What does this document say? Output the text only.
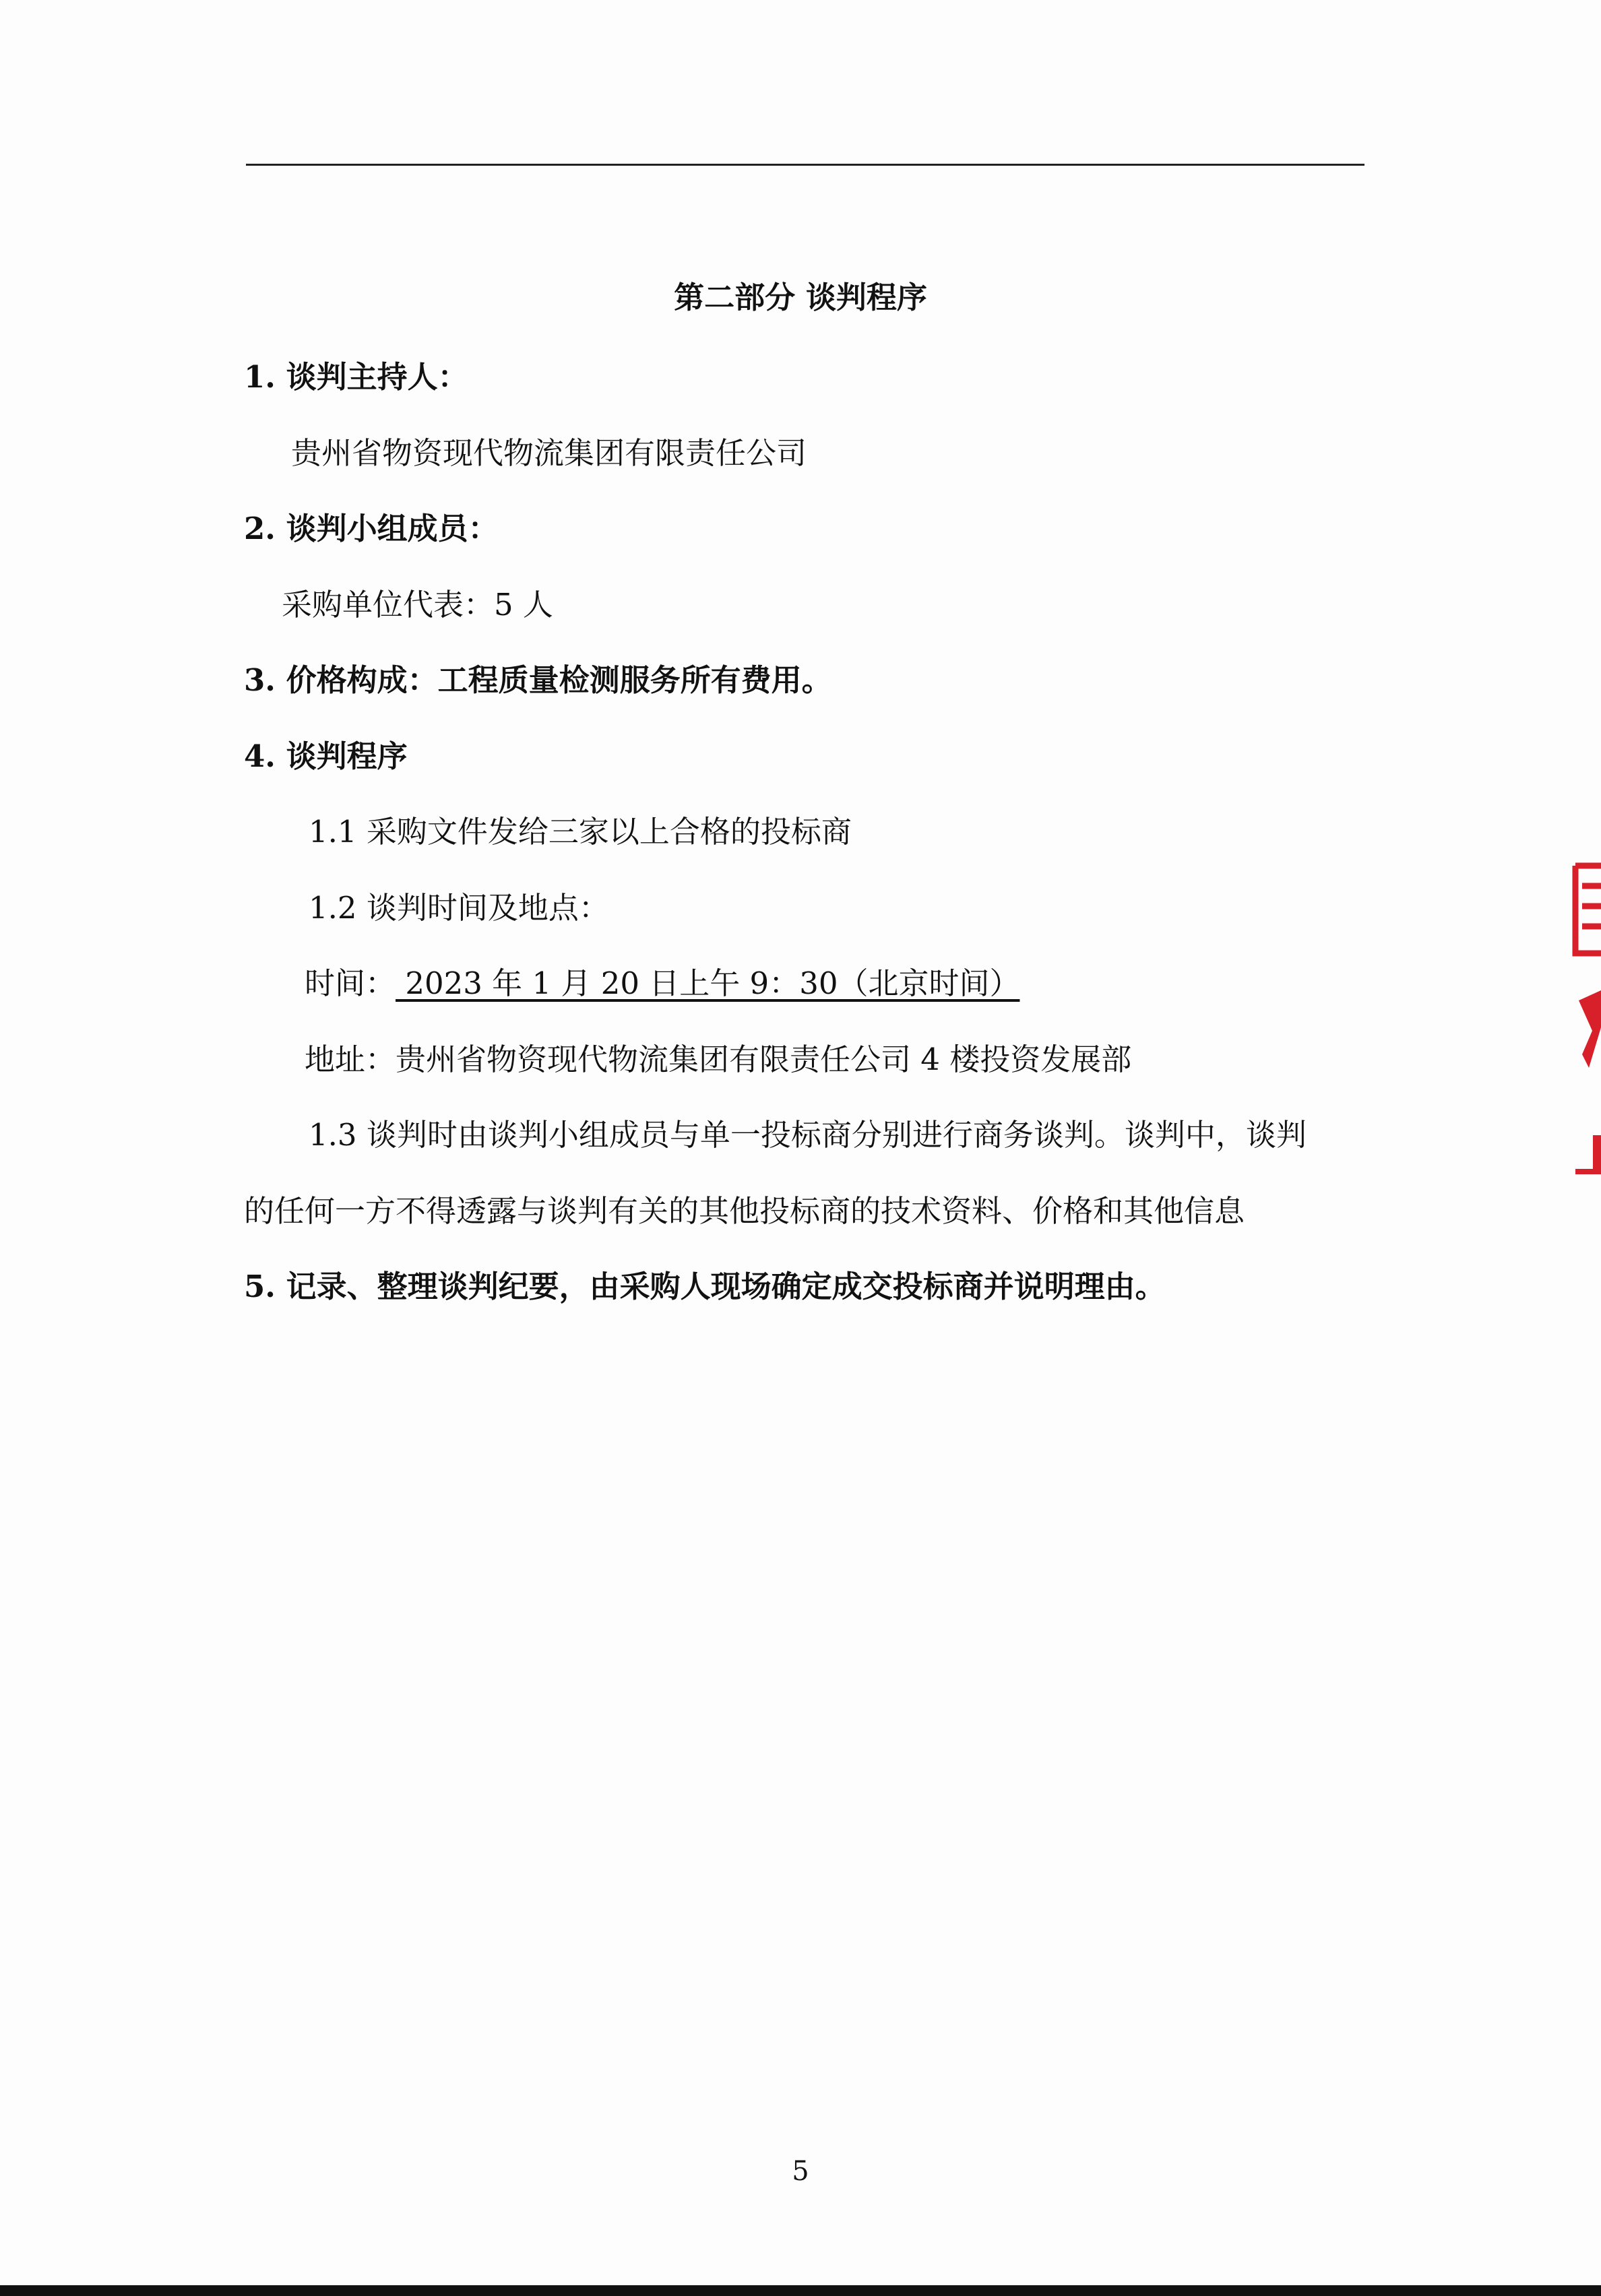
第二部分 谈判程序
1. 谈判主持人：
贵州省物资现代物流集团有限责任公司
2. 谈判小组成员：
采购单位代表：5 人
3. 价格构成：工程质量检测服务所有费用。
4. 谈判程序
1.1 采购文件发给三家以上合格的投标商
1.2 谈判时间及地点：
时间： 2023 年 1 月 20 日上午 9：30（北京时间）
地址：贵州省物资现代物流集团有限责任公司 4 楼投资发展部
1.3 谈判时由谈判小组成员与单一投标商分别进行商务谈判。谈判中，谈判
的任何一方不得透露与谈判有关的其他投标商的技术资料、价格和其他信息
5. 记录、整理谈判纪要，由采购人现场确定成交投标商并说明理由。
5
